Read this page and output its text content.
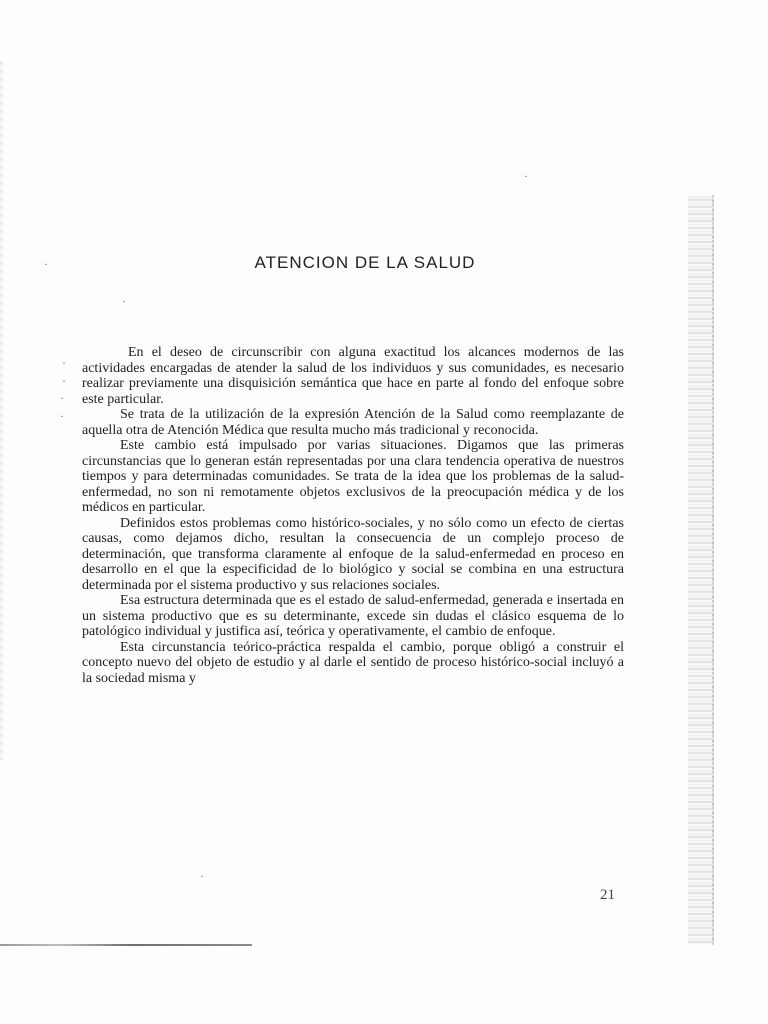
·
·
·
·
·
·
·
·
ATENCION DE LA SALUD

En el deseo de circunscribir con alguna exactitud los alcances modernos de las actividades encargadas de atender la salud de los individuos y sus comunidades, es necesario realizar previamente una disquisición semántica que hace en parte al fondo del enfoque sobre este particular.

Se trata de la utilización de la expresión Atención de la Salud como reemplazante de aquella otra de Atención Médica que resulta mucho más tradicional y reconocida.

Este cambio está impulsado por varias situaciones. Digamos que las primeras circunstancias que lo generan están representadas por una clara tendencia operativa de nuestros tiempos y para determinadas comunidades. Se trata de la idea que los problemas de la salud-enfermedad, no son ni remotamente objetos exclusivos de la preocupación médica y de los médicos en particular.

Definidos estos problemas como histórico-sociales, y no sólo como un efecto de ciertas causas, como dejamos dicho, resultan la consecuencia de un complejo proceso de determinación, que transforma claramente al enfoque de la salud-enfermedad en proceso en desarrollo en el que la especificidad de lo biológico y social se combina en una estructura determinada por el sistema productivo y sus relaciones sociales.

Esa estructura determinada que es el estado de salud-enfermedad, generada e insertada en un sistema productivo que es su determinante, excede sin dudas el clásico esquema de lo patológico individual y justifica así, teórica y operativamente, el cambio de enfoque.

Esta circunstancia teórico-práctica respalda el cambio, porque obligó a construir el concepto nuevo del objeto de estudio y al darle el sentido de proceso histórico-social incluyó a la sociedad misma y

21
